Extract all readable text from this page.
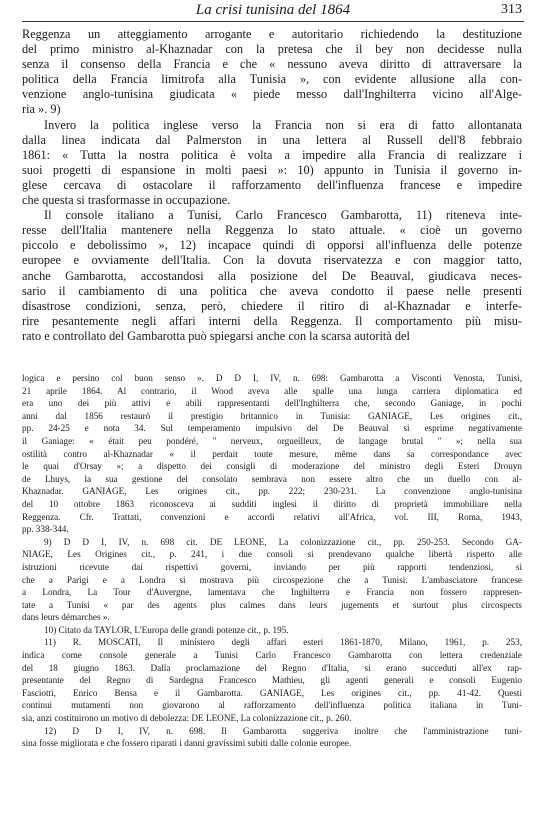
La crisi tunisina del 1864	313
Reggenza un atteggiamento arrogante e autoritario richiedendo la destituzione
del primo ministro al-Khaznadar con la pretesa che il bey non decidesse nulla
senza il consenso della Francia e che « nessuno aveva diritto di attraversare la
politica della Francia limitrofa alla Tunisia », con evidente allusione alla con-
venzione anglo-tunisina giudicata « piede messo dall'Inghilterra vicino all'Alge-
ria ». 9)
Invero la politica inglese verso la Francia non si era di fatto allontanata
dalla linea indicata dal Palmerston in una lettera al Russell dell'8 febbraio
1861: « Tutta la nostra politica è volta a impedire alla Francia di realizzare i
suoi progetti di espansione in molti paesi »: 10) appunto in Tunisia il governo in-
glese cercava di ostacolare il rafforzamento dell'influenza francese e impedire
che questa si trasformasse in occupazione.
Il console italiano a Tunisi, Carlo Francesco Gambarotta, 11) riteneva inte-
resse dell'Italia mantenere nella Reggenza lo stato attuale. « cioè un governo
piccolo e debolissimo », 12) incapace quindi di opporsi all'influenza delle potenze
europee e ovviamente dell'Italia. Con la dovuta riservatezza e con maggior tatto,
anche Gambarotta, accostandosi alla posizione del De Beauval, giudicava neces-
sario il cambiamento di una politica che aveva condotto il paese nelle presenti
disastrose condizioni, senza, però, chiedere il ritiro di al-Khaznadar e interfe-
rire pesantemente negli affari interni della Reggenza. Il comportamento più misu-
rato e controllato del Gambarotta può spiegarsi anche con la scarsa autorità del
logica e persino col buon senso ». D D I, IV, n. 698: Gambarotta a Visconti Venosta, Tunisi,
21 aprile 1864. Al contrario, il Wood aveva alle spalle una lunga carriera diplomatica ed
era uno dei più attivi e abili rappresentanti dell'Inghilterra che, secondo Ganiage, in pochi
anni dal 1856 restaurò il prestigio britannico in Tunisia: GANIAGE, Les origines cit.,
pp. 24-25 e nota 34. Sul temperamento impulsivo del De Beauval si esprime negativamente
il Ganiage: « était peu pondéré, " nerveux, orgueilleux, de langage brutal " »; nella sua
ostilità contro al-Khaznadar « il perdait toute mesure, même dans sa correspondance avec
le quai d'Orsay »; a dispetto dei consigli di moderazione del ministro degli Esteri Drouyn
de Lhuys, la sua gestione del consolato sembrava non essere altro che un duello con al-
Khaznadar. GANIAGE, Les origines cit., pp. 222; 230-231. La convenzione anglo-tunisina
del 10 ottobre 1863 riconosceva ai sudditi inglesi il diritto di proprietà immobiliare nella
Reggenza. Cfr. Trattati, convenzioni e accordi relativi all'Africa, vol. III, Roma, 1943,
pp. 338-344.
9) D D I, IV, n. 698 cit. DE LEONE, La colonizzazione cit., pp. 250-253. Secondo GA-
NIAGE, Les Origines cit., p. 241, i due consoli si prendevano qualche libertà rispetto alle
istruzioni ricevute dai rispettivi governi, inviando per più rapporti tendenziosi, sì
che a Parigi e a Londra si mostrava più circospezione che a Tunisi. L'ambasciatore francese
a Londra, La Tour d'Auvergne, lamentava che Inghilterra e Francia non fossero rappresen-
tate a Tunisi « par des agents plus calmes dans leurs jugements et surtout plus circospects
dans leurs démarches ».
10) Citato da TAYLOR, L'Europa delle grandi potenze cit., p. 195.
11) R. MOSCATI, Il ministero degli affari esteri 1861-1870, Milano, 1961, p. 253,
indica come console generale a Tunisi Carlo Francesco Gambarotta con lettera credenziale
del 18 giugno 1863. Dalla proclamazione del Regno d'Italia, si erano succeduti all'ex rap-
presentante del Regno di Sardegna Francesco Mathieu, gli agenti generali e consoli Eugenio
Fasciotti, Enrico Bensa e il Gambarotta. GANIAGE, Les origines cit., pp. 41-42. Questi
continui mutamenti non giovarono al rafforzamento dell'influenza politica italiana in Tuni-
sia, anzi costituirono un motivo di debolezza: DE LEONE, La colonizzazione cit., p. 260.
12) D D I, IV, n. 698. Il Gambarotta suggeriva inoltre che l'amministrazione tuni-
sina fosse migliorata e che fossero riparati i danni gravissimi subiti dalle colonie europee.
